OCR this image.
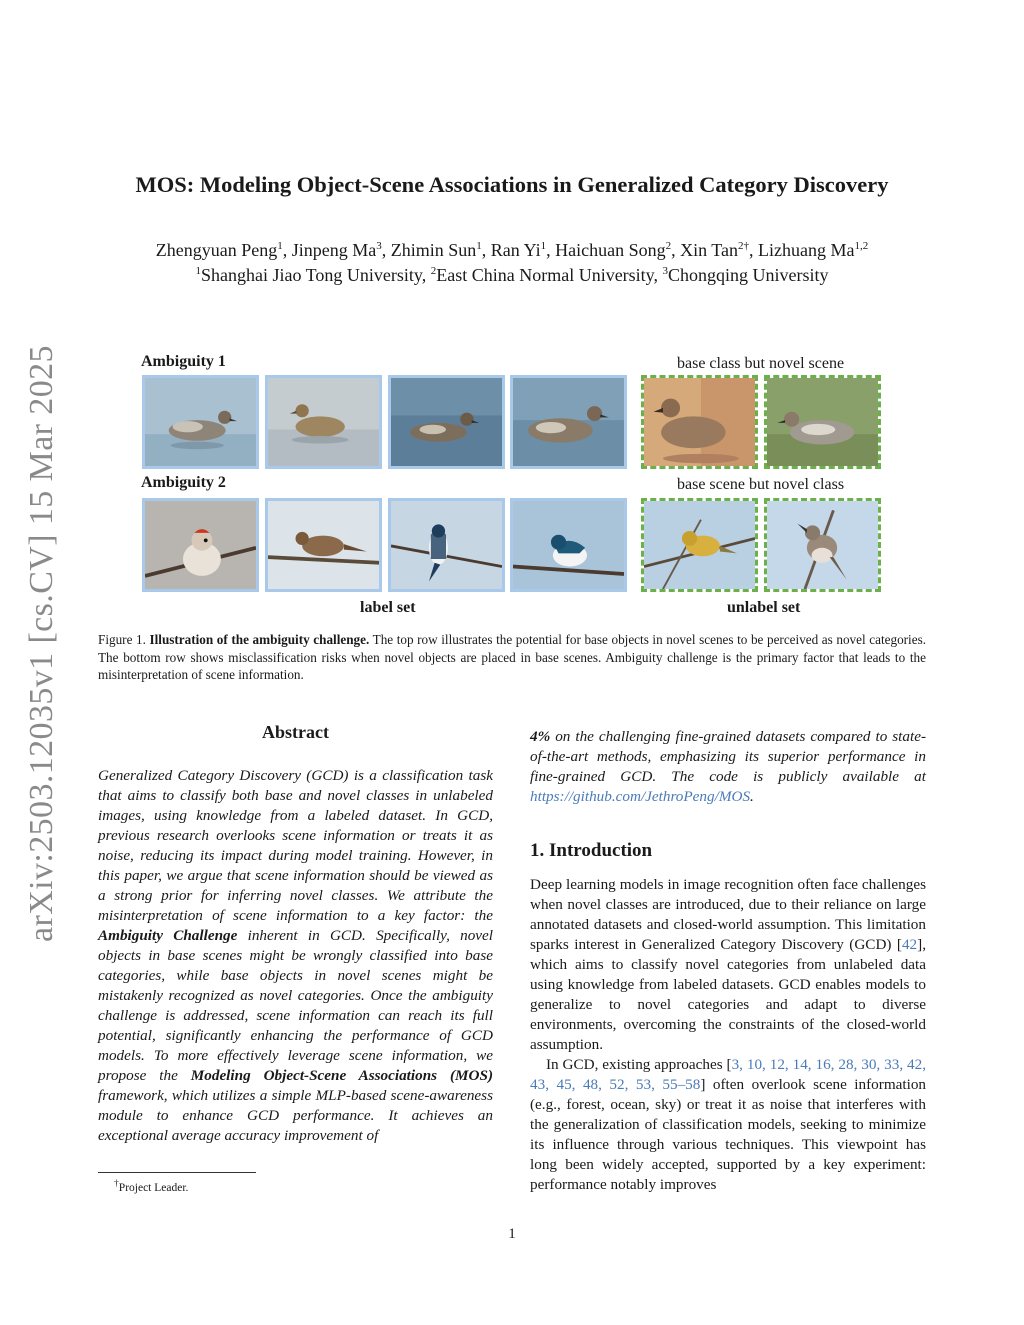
arXiv:2503.12035v1 [cs.CV] 15 Mar 2025
MOS: Modeling Object-Scene Associations in Generalized Category Discovery
Zhengyuan Peng$^1$, Jinpeng Ma$^3$, Zhimin Sun$^1$, Ran Yi$^1$, Haichuan Song$^2$, Xin Tan$^{2\dagger}$, Lizhuang Ma$^{1,2}$
$^1$Shanghai Jiao Tong University, $^2$East China Normal University, $^3$Chongqing University
Ambiguity 1	base class but novel scene
Ambiguity 2	base scene but novel class
label set	unlabel set
Figure 1. Illustration of the ambiguity challenge. The top row illustrates the potential for base objects in novel scenes to be perceived as novel categories. The bottom row shows misclassification risks when novel objects are placed in base scenes. Ambiguity challenge is the primary factor that leads to the misinterpretation of scene information.
Abstract
Generalized Category Discovery (GCD) is a classification task that aims to classify both base and novel classes in unlabeled images, using knowledge from a labeled dataset. In GCD, previous research overlooks scene information or treats it as noise, reducing its impact during model training. However, in this paper, we argue that scene information should be viewed as a strong prior for inferring novel classes. We attribute the misinterpretation of scene information to a key factor: the Ambiguity Challenge inherent in GCD. Specifically, novel objects in base scenes might be wrongly classified into base categories, while base objects in novel scenes might be mistakenly recognized as novel categories. Once the ambiguity challenge is addressed, scene information can reach its full potential, significantly enhancing the performance of GCD models. To more effectively leverage scene information, we propose the Modeling Object-Scene Associations (MOS) framework, which utilizes a simple MLP-based scene-awareness module to enhance GCD performance. It achieves an exceptional average accuracy improvement of
4% on the challenging fine-grained datasets compared to state-of-the-art methods, emphasizing its superior performance in fine-grained GCD. The code is publicly available at https://github.com/JethroPeng/MOS.
1. Introduction

Deep learning models in image recognition often face challenges when novel classes are introduced, due to their reliance on large annotated datasets and closed-world assumption. This limitation sparks interest in Generalized Category Discovery (GCD) [42], which aims to classify novel categories from unlabeled data using knowledge from labeled datasets. GCD enables models to generalize to novel categories and adapt to diverse environments, overcoming the constraints of the closed-world assumption.

In GCD, existing approaches [3, 10, 12, 14, 16, 28, 30, 33, 42, 43, 45, 48, 52, 53, 55–58] often overlook scene information (e.g., forest, ocean, sky) or treat it as noise that interferes with the generalization of classification models, seeking to minimize its influence through various techniques. This viewpoint has long been widely accepted, supported by a key experiment: performance notably improves

†Project Leader.
1
